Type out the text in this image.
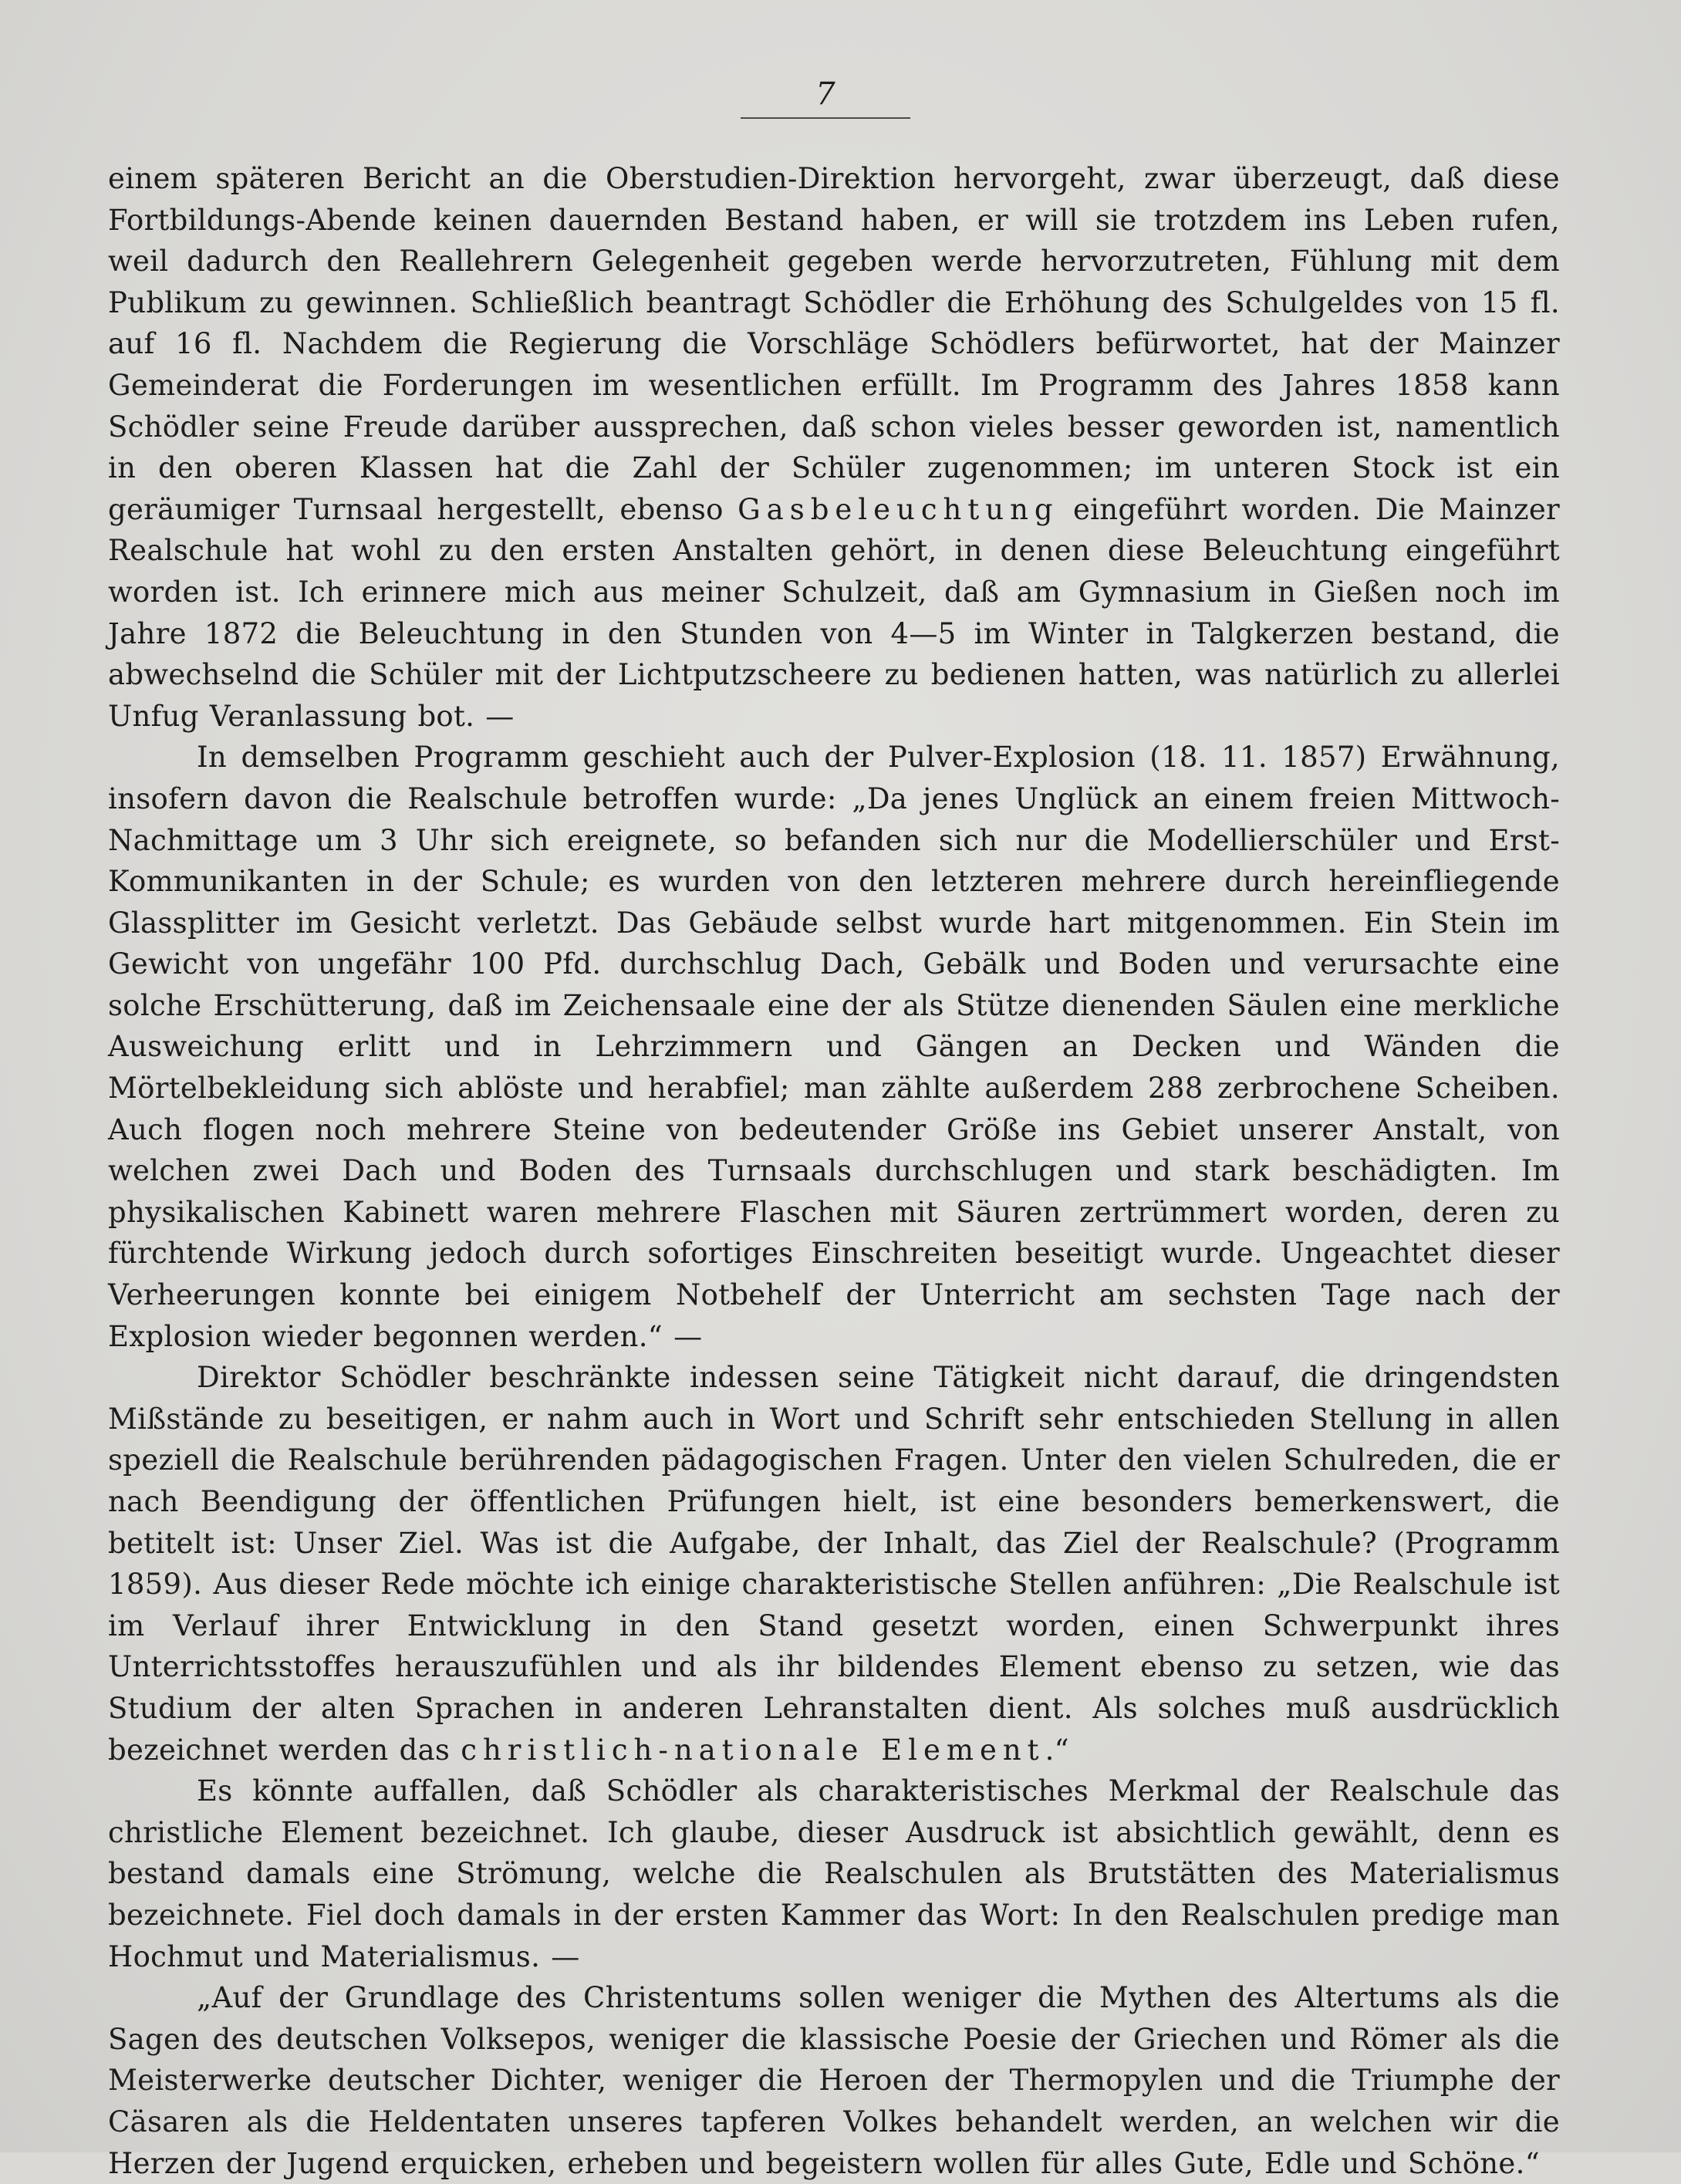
7

einem späteren Bericht an die Oberstudien-Direktion hervorgeht, zwar überzeugt, daß diese Fortbildungs-Abende keinen dauernden Bestand haben, er will sie trotzdem ins Leben rufen, weil dadurch den Reallehrern Gelegenheit gegeben werde hervorzutreten, Fühlung mit dem Publikum zu gewinnen. Schließlich beantragt Schödler die Erhöhung des Schulgeldes von 15 fl. auf 16 fl. Nachdem die Regierung die Vorschläge Schödlers befürwortet, hat der Mainzer Gemeinderat die Forderungen im wesentlichen erfüllt. Im Programm des Jahres 1858 kann Schödler seine Freude darüber aussprechen, daß schon vieles besser geworden ist, namentlich in den oberen Klassen hat die Zahl der Schüler zugenommen; im unteren Stock ist ein geräumiger Turnsaal hergestellt, ebenso Gasbeleuchtung eingeführt worden. Die Mainzer Realschule hat wohl zu den ersten Anstalten gehört, in denen diese Beleuchtung eingeführt worden ist. Ich erinnere mich aus meiner Schulzeit, daß am Gymnasium in Gießen noch im Jahre 1872 die Beleuchtung in den Stunden von 4—5 im Winter in Talgkerzen bestand, die abwechselnd die Schüler mit der Lichtputzscheere zu bedienen hatten, was natürlich zu allerlei Unfug Veranlassung bot. —

In demselben Programm geschieht auch der Pulver-Explosion (18. 11. 1857) Erwähnung, insofern davon die Realschule betroffen wurde: „Da jenes Unglück an einem freien Mittwoch-Nachmittage um 3 Uhr sich ereignete, so befanden sich nur die Modellierschüler und Erst-Kommunikanten in der Schule; es wurden von den letzteren mehrere durch hereinfliegende Glassplitter im Gesicht verletzt. Das Gebäude selbst wurde hart mitgenommen. Ein Stein im Gewicht von ungefähr 100 Pfd. durchschlug Dach, Gebälk und Boden und verursachte eine solche Erschütterung, daß im Zeichensaale eine der als Stütze dienenden Säulen eine merkliche Ausweichung erlitt und in Lehrzimmern und Gängen an Decken und Wänden die Mörtelbekleidung sich ablöste und herabfiel; man zählte außerdem 288 zerbrochene Scheiben. Auch flogen noch mehrere Steine von bedeutender Größe ins Gebiet unserer Anstalt, von welchen zwei Dach und Boden des Turnsaals durchschlugen und stark beschädigten. Im physikalischen Kabinett waren mehrere Flaschen mit Säuren zertrümmert worden, deren zu fürchtende Wirkung jedoch durch sofortiges Einschreiten beseitigt wurde. Ungeachtet dieser Verheerungen konnte bei einigem Notbehelf der Unterricht am sechsten Tage nach der Explosion wieder begonnen werden.“ —

Direktor Schödler beschränkte indessen seine Tätigkeit nicht darauf, die dringendsten Mißstände zu beseitigen, er nahm auch in Wort und Schrift sehr entschieden Stellung in allen speziell die Realschule berührenden pädagogischen Fragen. Unter den vielen Schulreden, die er nach Beendigung der öffentlichen Prüfungen hielt, ist eine besonders bemerkenswert, die betitelt ist: Unser Ziel. Was ist die Aufgabe, der Inhalt, das Ziel der Realschule? (Programm 1859). Aus dieser Rede möchte ich einige charakteristische Stellen anführen: „Die Realschule ist im Verlauf ihrer Entwicklung in den Stand gesetzt worden, einen Schwerpunkt ihres Unterrichtsstoffes herauszufühlen und als ihr bildendes Element ebenso zu setzen, wie das Studium der alten Sprachen in anderen Lehranstalten dient. Als solches muß ausdrücklich bezeichnet werden das christlich-nationale Element.“

Es könnte auffallen, daß Schödler als charakteristisches Merkmal der Realschule das christliche Element bezeichnet. Ich glaube, dieser Ausdruck ist absichtlich gewählt, denn es bestand damals eine Strömung, welche die Realschulen als Brutstätten des Materialismus bezeichnete. Fiel doch damals in der ersten Kammer das Wort: In den Realschulen predige man Hochmut und Materialismus. —

„Auf der Grundlage des Christentums sollen weniger die Mythen des Altertums als die Sagen des deutschen Volksepos, weniger die klassische Poesie der Griechen und Römer als die Meisterwerke deutscher Dichter, weniger die Heroen der Thermopylen und die Triumphe der Cäsaren als die Heldentaten unseres tapferen Volkes behandelt werden, an welchen wir die Herzen der Jugend erquicken, erheben und begeistern wollen für alles Gute, Edle und Schöne.“
